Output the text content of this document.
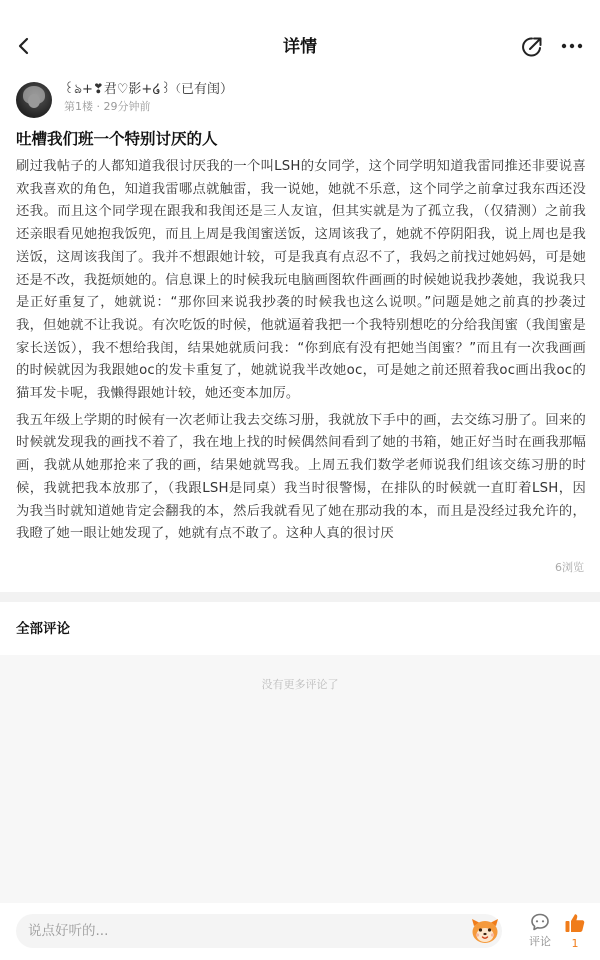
详情
꒰ঌ+❣君♡影+໒꒱（已有闺）
第1楼 · 29分钟前
吐槽我们班一个特别讨厌的人

刷过我帖子的人都知道我很讨厌我的一个叫LSH的女同学，这个同学明知道我雷同推还非要说喜欢我喜欢的角色，知道我雷哪点就触雷，我一说她，她就不乐意，这个同学之前拿过我东西还没还我。而且这个同学现在跟我和我闺还是三人友谊，但其实就是为了孤立我，（仅猜测）之前我还亲眼看见她抱我饭兜，而且上周是我闺蜜送饭，这周该我了，她就不停阴阳我，说上周也是我送饭，这周该我闺了。我并不想跟她计较，可是我真有点忍不了，我妈之前找过她妈妈，可是她还是不改，我挺烦她的。信息课上的时候我玩电脑画图软件画画的时候她说我抄袭她，我说我只是正好重复了，她就说：“那你回来说我抄袭的时候我也这么说呗。”问题是她之前真的抄袭过我，但她就不让我说。有次吃饭的时候，他就逼着我把一个我特别想吃的分给我闺蜜（我闺蜜是家长送饭），我不想给我闺，结果她就质问我：“你到底有没有把她当闺蜜？”而且有一次我画画的时候就因为我跟她oc的发卡重复了，她就说我半改她oc，可是她之前还照着我oc画出我oc的猫耳发卡呢，我懒得跟她计较，她还变本加厉。

我五年级上学期的时候有一次老师让我去交练习册，我就放下手中的画，去交练习册了。回来的时候就发现我的画找不着了，我在地上找的时候偶然间看到了她的书箱，她正好当时在画我那幅画，我就从她那抢来了我的画，结果她就骂我。上周五我们数学老师说我们组该交练习册的时候，我就把我本放那了，（我跟LSH是同桌）我当时很警惕，在排队的时候就一直盯着LSH，因为我当时就知道她肯定会翻我的本，然后我就看见了她在那动我的本，而且是没经过我允许的，我瞪了她一眼让她发现了，她就有点不敢了。这种人真的很讨厌

6浏览
全部评论
没有更多评论了
说点好听的...
评论	1
